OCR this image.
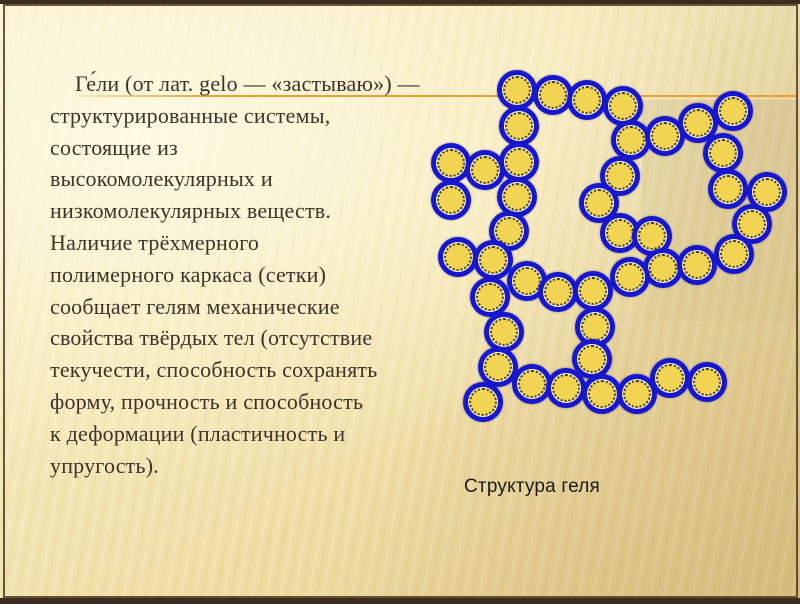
Ге́ли (от лат. gelo — «застываю») —
структурированные системы,
состоящие из
высокомолекулярных и
низкомолекулярных веществ.
Наличие трёхмерного
полимерного каркаса (сетки)
сообщает гелям механические
свойства твёрдых тел (отсутствие
текучести, способность сохранять
форму, прочность и способность
к деформации (пластичность и
упругость).
Структура геля
